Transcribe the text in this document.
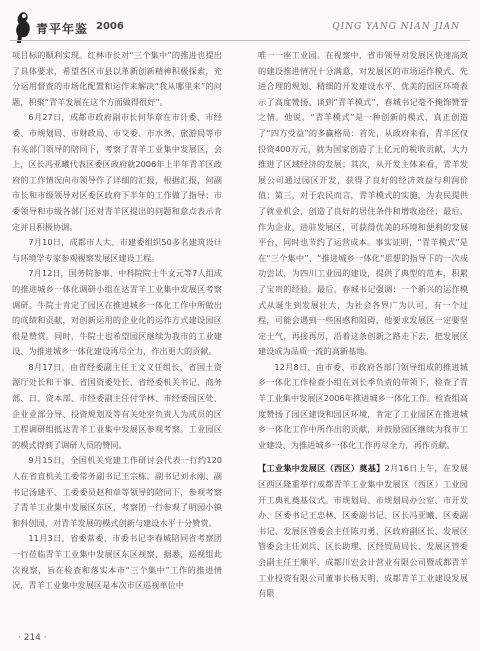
青平年鉴 2006	QING YANG NIAN JIAN

项目标的顺利实现。红林市长对“三个集中”的推进也提出了具体要求，希望各区市县以革新创新精神积极探索，充分运用督查的市场化配置和运作来解决“我从哪里来”的问题，积聚“青羊发展在这个方面做得很好”。

6月27日，成都市政府副市长何华章在市计委、市经委、市规划局、市财政局、市交委、市水务、旅游局等市有关部门领导的陪同下，考察了青羊工业集中发展区，会上，区长冯亚曦代表区委区政府就2006年上半年青羊区政府的工作情况向市领导作了详细的汇报，根据汇报，何副市长和市级领导对区委区政府下半年的工作做了指导；市委领导和市级各部门还对青羊区提出的问题和意点表示肯定并且积极协调。

7月10日，成都市人大、市建委组织50多名建筑设计与环境学专家参观视察发展区建设工程。

7月12日，国务院参事、中科院院士牛文元等7人组成的推进城乡一体化调研小组在达青羊工业集中发展区考察调研。牛院士肯定了园区在推进城乡一体化工作中所做出的成绩和贡献，对创新运用的企业化的运作方式建设园区很是赞赏。同时，牛院士也希望园区继续为我市的工业建设、为推进城乡一体化建设再尽全力，作出更大的贡献。

8月17日，由省经委副主任王文义任组长，省国土资源厅处长和干事、省国资委处长、省经委机关书记、商务部、日、资本部、市经委副主任付学林、市经委园区处、企业业部分导、投资规划及等有关处室负责人为成员的区工程调研组抵达青羊工业集中发展区参观考察。工业园区的模式得到了调研人员的赞同。

9月15日，全国机关党建工作研讨会代表一行约120人在省直机关工委常务副书记王宗栋、副书记刘永刚、副书记汤建平、工委委员赵和章等领导的陪同下，参观考察了青羊工业集中发展区东区，考察团一行参观了明园小镇和科创园，对青羊发展的模式创新与建设水平十分赞赏。

11月3日，省委常委、市委书记李春城陪同省考察团一行莅临青羊工业集中发展区东区视察，据悉，巡视组此次视察，旨在检查和落实本市“三个集中”工作的推进情况，青羊工业集中发展区是本次市区巡视单位中

唯一一座工业园。在视察中，省市领导对发展区快速高效的建设推进情况十分满意，对发展区的市场运作模式、先进合理的规划、精细的开发建设水平、优美的园区环境表示了高度赞扬。谈到“青羊模式”，春城书记毫不掩饰赞誉之情。他说，“青羊模式”是一种创新的模式，真正创造了“四方受益”的多赢格局：首先，从政府来看，青羊区仅投资400万元，就为国家创造了上亿元的税收贡献，大力推进了区域经济的发展；其次，从开发主体来看，青羊发展公司通过园区开发，获得了良好的经济效益与利润价值；第三，对于农民而言，青羊模式的实施，为农民提供了就业机会，创造了良好的居住条件和增收途径；最后，作为企业，进驻发展区，可获得优美的环境和便利的发展平台，同时也节约了运营成本。事实证明，“青羊模式”是在“三个集中”、“推进城乡一体化”思想的指导下的一次成功尝试，为四川工业园的建设，提供了典型的范本，积累了宝贵的经验。最后，春城书记强调：一个新兴的运作模式从诞生到发展壮大，为社会各界广为认可，有一个过程，可能会遇到一些困惑和阻碍，他要求发展区一定要坚定士气，再接再厉，沿着这条创新之路走下去，把发展区建设成为品质一流的高新基地。

12月8日，由市委、市政府各部门领导组成的推进城乡一体化工作检查小组在刘长季负责的带领下，检查了青羊工业集中发展区2006年推进城乡一体化工作。检查组高度赞扬了园区建设和园区环境，肯定了工业园区在推进城乡一体化工作中所作出的贡献，并鼓励园区继续为我市工业建设、为推进城乡一体化工作再尽全力，再作贡献。

【工业集中发展区（西区）奠基】2月16日上午，在发展区西区隆重举行成都青羊工业集中发展区（西区）工业园开工典礼奠基仪式。市规划局、市规划局办公室、市开发办、区委书记王忠林、区委副书记、区长冯亚曦、区委副书记、发展区管委会主任陈刃勇、区政府副区长、发展区管委会主任刘兵、区长助理、区经贸局局长、发展区管委会副主任王顺平、成都川宏会计营业有限公司暨成都青羊工业投资有限公司董事长杨天明、成都青羊工业建设发展有限

· 214 ·
